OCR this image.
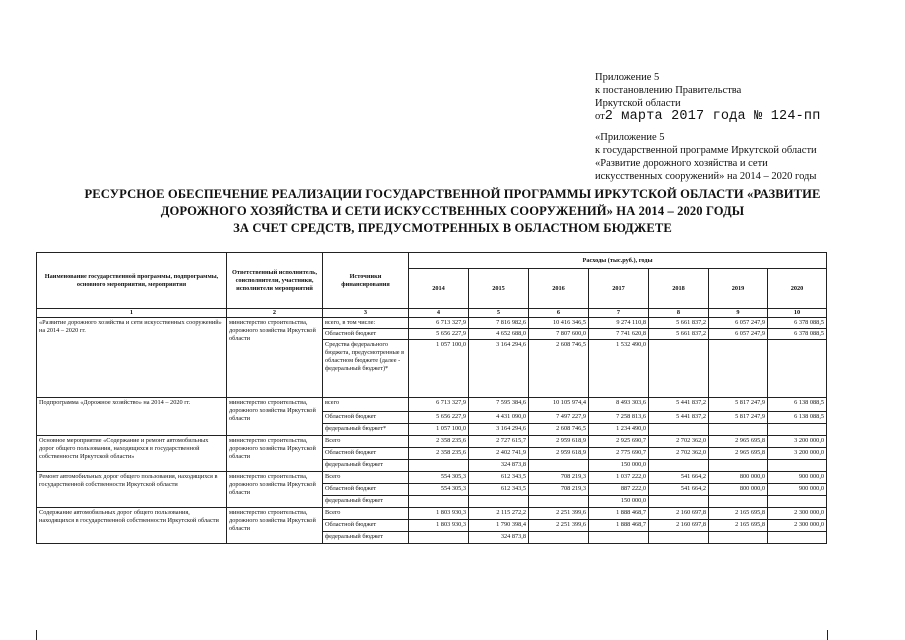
Приложение 5
к постановлению Правительства
Иркутской области
от2 марта 2017 года № 124-пп
«Приложение 5
к государственной программе Иркутской области
«Развитие дорожного хозяйства и сети
искусственных сооружений» на 2014 – 2020 годы
РЕСУРСНОЕ ОБЕСПЕЧЕНИЕ РЕАЛИЗАЦИИ ГОСУДАРСТВЕННОЙ ПРОГРАММЫ ИРКУТСКОЙ ОБЛАСТИ «РАЗВИТИЕ
ДОРОЖНОГО ХОЗЯЙСТВА И СЕТИ ИСКУССТВЕННЫХ СООРУЖЕНИЙ» НА 2014 – 2020 ГОДЫ
ЗА СЧЕТ СРЕДСТВ, ПРЕДУСМОТРЕННЫХ В ОБЛАСТНОМ БЮДЖЕТЕ
Наименование государственной программы, подпрограммы, основного мероприятия, мероприятия	Ответственный исполнитель, соисполнители, участники, исполнители мероприятий	Источники финансирования	Расходы (тыс.руб.), годы						
			2014	2015	2016	2017	2018	2019	2020
1	2	3	4	5	6	7	8	9	10
«Развитие дорожного хозяйства и сети искусственных сооружений» на 2014 – 2020 гг.	министерство строительства, дорожного хозяйства Иркутской области	всего, в том числе:	6 713 327,9	7 816 982,6	10 416 346,5	9 274 110,8	5 661 837,2	6 057 247,9	6 378 088,5
		Областной бюджет	5 656 227,9	4 652 688,0	7 807 600,0	7 741 620,8	5 661 837,2	6 057 247,9	6 378 088,5
		Средства федерального бюджета, предусмотренные в областном бюджете (далее - федеральный бюджет)*	1 057 100,0	3 164 294,6	2 608 746,5	1 532 490,0			
Подпрограмма «Дорожное хозяйство» на 2014 – 2020 гг.	министерство строительства, дорожного хозяйства Иркутской области	всего	6 713 327,9	7 595 384,6	10 105 974,4	8 493 303,6	5 441 837,2	5 817 247,9	6 138 088,5
		Областной бюджет	5 656 227,9	4 431 090,0	7 497 227,9	7 258 813,6	5 441 837,2	5 817 247,9	6 138 088,5
		федеральный бюджет*	1 057 100,0	3 164 294,6	2 608 746,5	1 234 490,0			
Основное мероприятие «Содержание и ремонт автомобильных дорог общего пользования, находящихся в государственной собственности Иркутской области»	министерство строительства, дорожного хозяйства Иркутской области	Всего	2 358 235,6	2 727 615,7	2 959 618,9	2 925 690,7	2 702 362,0	2 965 695,8	3 200 000,0
		Областной бюджет	2 358 235,6	2 402 741,9	2 959 618,9	2 775 690,7	2 702 362,0	2 965 695,8	3 200 000,0
		федеральный бюджет		324 873,8		150 000,0			
Ремонт автомобильных дорог общего пользования, находящихся в государственной собственности Иркутской области	министерство строительства, дорожного хозяйства Иркутской области	Всего	554 305,3	612 343,5	708 219,3	1 037 222,0	541 664,2	800 000,0	900 000,0
		Областной бюджет	554 305,3	612 343,5	708 219,3	887 222,0	541 664,2	800 000,0	900 000,0
		федеральный бюджет				150 000,0			
Содержание автомобильных дорог общего пользования, находящихся в государственной собственности Иркутской области	министерство строительства, дорожного хозяйства Иркутской области	Всего	1 803 930,3	2 115 272,2	2 251 399,6	1 888 468,7	2 160 697,8	2 165 695,8	2 300 000,0
		Областной бюджет	1 803 930,3	1 790 398,4	2 251 399,6	1 888 468,7	2 160 697,8	2 165 695,8	2 300 000,0
		федеральный бюджет		324 873,8					
